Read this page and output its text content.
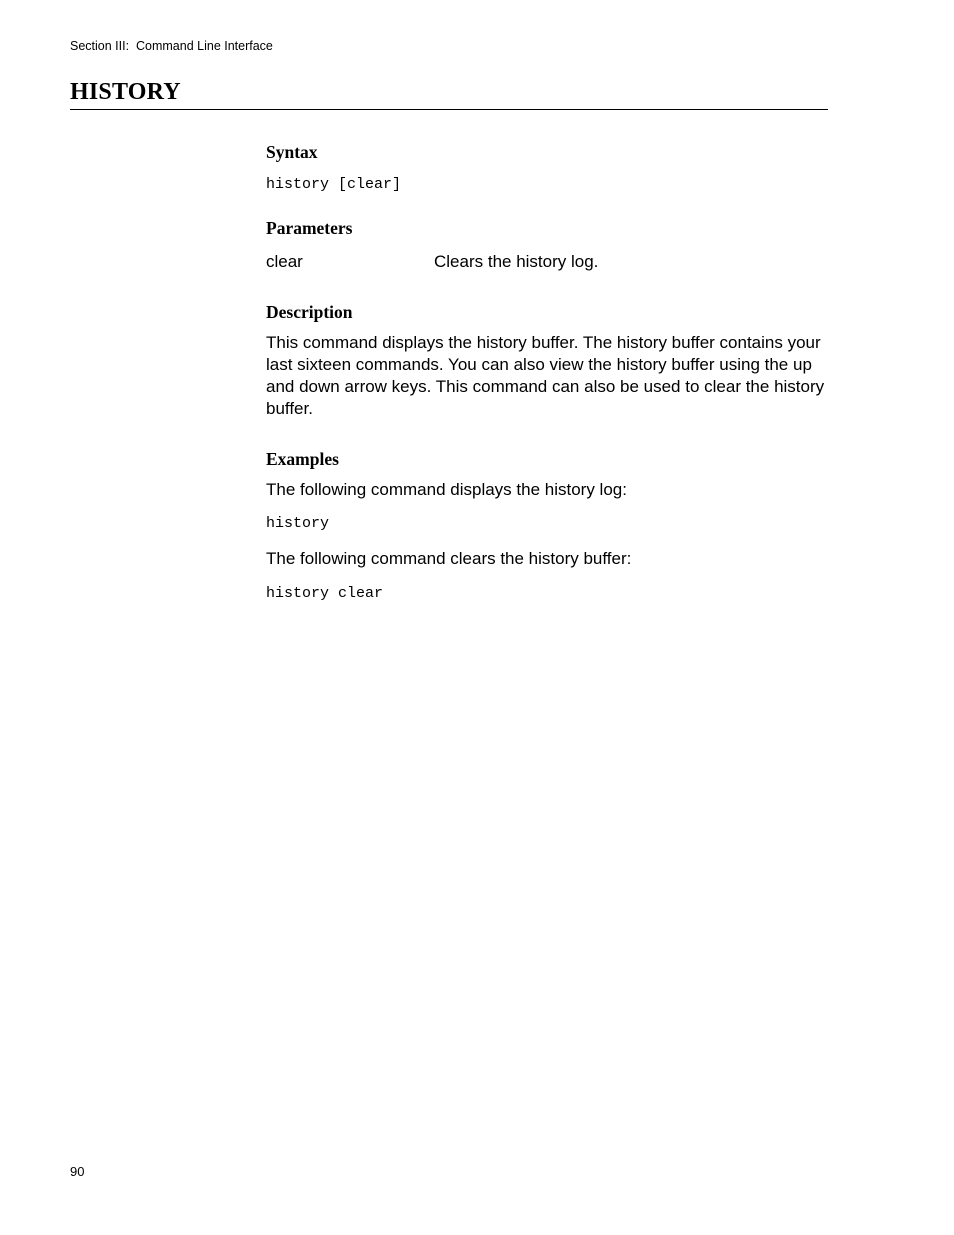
Section III:  Command Line Interface
HISTORY
Syntax
history [clear]
Parameters
clear	Clears the history log.
Description

This command displays the history buffer. The history buffer contains your last sixteen commands. You can also view the history buffer using the up and down arrow keys. This command can also be used to clear the history buffer.

Examples

The following command displays the history log:

history

The following command clears the history buffer:

history clear
90
